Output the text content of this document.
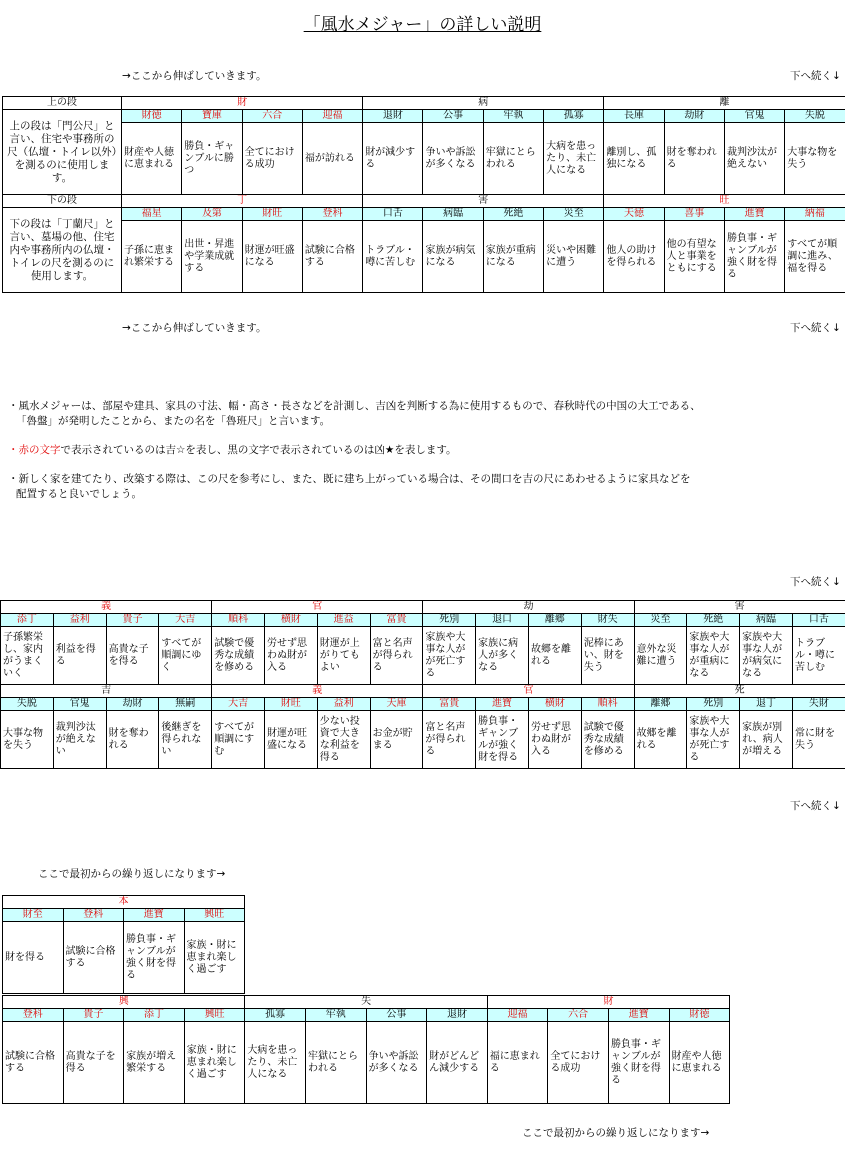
「風水メジャー」の詳しい説明
→ここから伸ばしていきます。	下へ続く↓
上の段	財				病				離			
上の段は「門公尺」と言い、住宅や事務所の尺（仏壇・トイレ以外）を測るのに使用します。	財徳	寶庫	六合	迎福	退財	公事	牢執	孤寡	長庫	劫財	官鬼	失脱
	財産や人徳に恵まれる	勝負・ギャンブルに勝つ	全てにおける成功	福が訪れる	財が減少する	争いや訴訟が多くなる	牢獄にとらわれる	大病を患ったり、未亡人になる	離別し、孤独になる	財を奪われる	裁判沙汰が絶えない	大事な物を失う
下の段	丁				害				旺			
下の段は「丁蘭尺」と言い、墓場の他、住宅内や事務所内の仏壇・トイレの尺を測るのに使用します。	福星	及第	財旺	登科	口舌	病臨	死絶	災至	天徳	喜事	進寶	納福
	子孫に恵まれ繁栄する	出世・昇進や学業成就する	財運が旺盛になる	試験に合格する	トラブル・噂に苦しむ	家族が病気になる	家族が重病になる	災いや困難に遭う	他人の助けを得られる	他の有望な人と事業をともにする	勝負事・ギャンブルが強く財を得る	すべてが順調に進み、福を得る
→ここから伸ばしていきます。	下へ続く↓
・風水メジャーは、部屋や建具、家具の寸法、幅・高さ・長さなどを計測し、吉凶を判断する為に使用するもので、春秋時代の中国の大工である、
「魯盤」が発明したことから、またの名を「魯班尺」と言います。
・赤の文字で表示されているのは吉☆を表し、黒の文字で表示されているのは凶★を表します。
・新しく家を建てたり、改築する際は、この尺を参考にし、また、既に建ち上がっている場合は、その間口を吉の尺にあわせるように家具などを
配置すると良いでしょう。
下へ続く↓
義				官				劫				害			
添丁	益利	貴子	大吉	順科	横財	進益	富貴	死別	退口	離郷	財失	災至	死絶	病臨	口舌
子孫繁栄し、家内がうまくいく	利益を得る	高貴な子を得る	すべてが順調にゆく	試験で優秀な成績を修める	労せず思わぬ財が入る	財運が上がりてもよい	富と名声が得られる	家族や大事な人がが死亡する	家族に病人が多くなる	故郷を離れる	泥棒にあい、財を失う	意外な災難に遭う	家族や大事な人がが重病になる	家族や大事な人がが病気になる	トラブル・噂に苦しむ
吉				義				官				死			
失脱	官鬼	劫財	無嗣	大吉	財旺	益利	天庫	富貴	進寶	横財	順科	離郷	死別	退丁	失財
大事な物を失う	裁判沙汰が絶えない	財を奪われる	後継ぎを得られない	すべてが順調にすむ	財運が旺盛になる	少ない投資で大きな利益を得る	お金が貯まる	富と名声が得られる	勝負事・ギャンブルが強く財を得る	労せず思わぬ財が入る	試験で優秀な成績を修める	故郷を離れる	家族や大事な人がが死亡する	家族が別れ、病人が増える	常に財を失う
下へ続く↓
ここで最初からの繰り返しになります→
本			
財至	登科	進寶	興旺
財を得る	試験に合格する	勝負事・ギャンブルが強く財を得る	家族・財に恵まれ楽しく過ごす
興				失				財			
登科	貴子	添丁	興旺	孤寡	牢執	公事	退財	迎福	六合	進寶	財徳
試験に合格する	高貴な子を得る	家族が増え繁栄する	家族・財に恵まれ楽しく過ごす	大病を患ったり、未亡人になる	牢獄にとらわれる	争いや訴訟が多くなる	財がどんどん減少する	福に恵まれる	全てにおける成功	勝負事・ギャンブルが強く財を得る	財産や人徳に恵まれる
ここで最初からの繰り返しになります→
